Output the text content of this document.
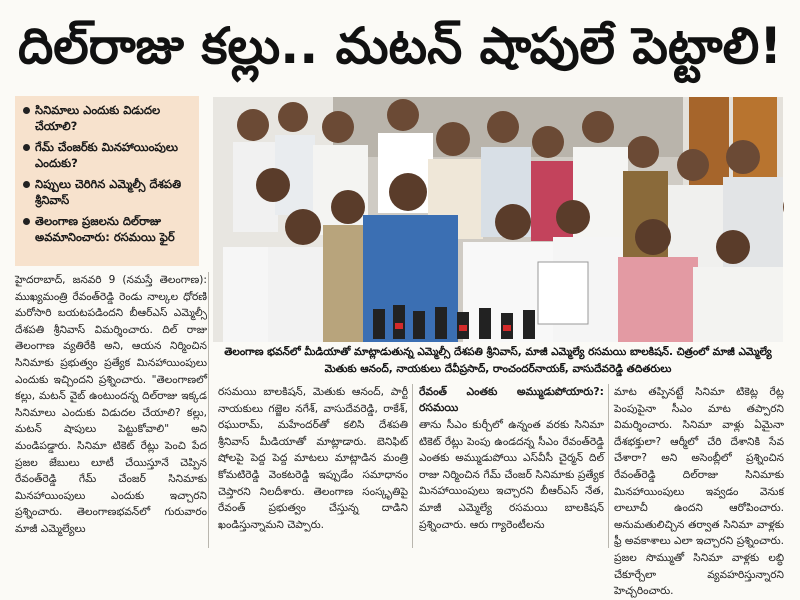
దిల్‌రాజు కల్లు.. మటన్ షాపులే పెట్టాలి!
సినిమాలు ఎందుకు విడుదల చేయాలి?
గేమ్ చేంజర్‌కు మినహాయింపులు ఎందుకు?
నిప్పులు చెరిగిన ఎమ్మెల్సీ దేశపతి శ్రీనివాస్
తెలంగాణ ప్రజలను దిల్‌రాజు అవమానించారు: రసమయి ఫైర్
తెలంగాణ భవన్‌లో మీడియాతో మాట్లాడుతున్న ఎమ్మెల్సీ దేశపతి శ్రీనివాస్, మాజీ ఎమ్మెల్యే రసమయి బాలకిషన్. చిత్రంలో మాజీ ఎమ్మెల్యే మెతుకు ఆనంద్, నాయకులు దేవీప్రసాద్, రాంచందర్‌నాయక్, వాసుదేవరెడ్డి తదితరులు

హైదరాబాద్, జనవరి 9 (నమస్తే తెలంగాణ): ముఖ్యమంత్రి రేవంత్‌రెడ్డి రెండు నాల్కల ధోరణి మరోసారి బయటపడిందని బీఆర్‌ఎస్ ఎమ్మెల్సీ దేశపతి శ్రీనివాస్ విమర్శించారు. దిల్ రాజు తెలంగాణ వ్యతిరేకి అని, ఆయన నిర్మించిన సినిమాకు ప్రభుత్వం ప్రత్యేక మినహాయింపులు ఎందుకు ఇచ్చిందని ప్రశ్నించారు. "తెలంగాణలో కల్లు, మటన్ వైబ్ ఉంటుందన్న దిల్‌రాజు ఇక్కడ సినిమాలు ఎందుకు విడుదల చేయాలి? కల్లు, మటన్ షాపులు పెట్టుకోవాలి" అని మండిపడ్డారు. సినిమా టికెట్ రేట్లు పెంచి పేద ప్రజల జేబులు లూటీ చేయిస్తూనే చెప్పిన రేవంత్‌రెడ్డి గేమ్ చేంజర్ సినిమాకు మినహాయింపులు ఎందుకు ఇచ్చారని ప్రశ్నించారు. తెలంగాణభవన్‌లో గురువారం మాజీ ఎమ్మెల్యేలు

రసమయి బాలకిషన్, మెతుకు ఆనంద్, పార్టీ నాయకులు గజ్జెల నగేశ్, వాసుదేవరెడ్డి, రాకేశ్, రఘురామ్, మహేందర్‌తో కలిసి దేశపతి శ్రీనివాస్ మీడియాతో మాట్లాడారు. బెనిఫిట్ షోలపై పెద్ద పెద్ద మాటలు మాట్లాడిన మంత్రి కోమటిరెడ్డి వెంకటరెడ్డి ఇప్పుడేం సమాధానం చెప్తారని నిలదీశారు. తెలంగాణ సంస్కృతిపై రేవంత్ ప్రభుత్వం చేస్తున్న దాడిని ఖండిస్తున్నామని చెప్పారు.

రేవంత్ ఎంతకు అమ్ముడుపోయారు?: రసమయి

తాను సీఎం కుర్చీలో ఉన్నంత వరకు సినిమా టికెట్ రేట్లు పెంపు ఉండదన్న సీఎం రేవంత్‌రెడ్డి ఎంతకు అమ్ముడుపోయి ఎస్‌వీసీ చైర్మన్ దిల్ రాజు నిర్మించిన గేమ్ చేంజర్ సినిమాకు ప్రత్యేక మినహాయింపులు ఇచ్చారని బీఆర్‌ఎస్ నేత, మాజీ ఎమ్మెల్యే రసమయి బాలకిషన్ ప్రశ్నించారు. ఆరు గ్యారెంటీలను

మాట తప్పినట్టే సినిమా టికెట్ల రేట్ల పెంపుపైనా సీఎం మాట తప్పారని విమర్శించారు. సినిమా వాళ్లు ఏమైనా దేశభక్తులా? ఆర్మీలో చేరి దేశానికి సేవ చేశారా? అని అసెంబ్లీలో ప్రశ్నించిన రేవంత్‌రెడ్డి దిల్‌రాజు సినిమాకు మినహాయింపులు ఇవ్వడం వెనుక లాలూచీ ఉందని ఆరోపించారు. అనుమతులిచ్చిన తర్వాత సినిమా వాళ్లకు ఫ్రీ అవకాశాలు ఎలా ఇచ్చారని ప్రశ్నించారు. ప్రజల సొమ్ముతో సినిమా వాళ్లకు లబ్ధి చేకూర్చేలా వ్యవహరిస్తున్నారని హెచ్చరించారు.
